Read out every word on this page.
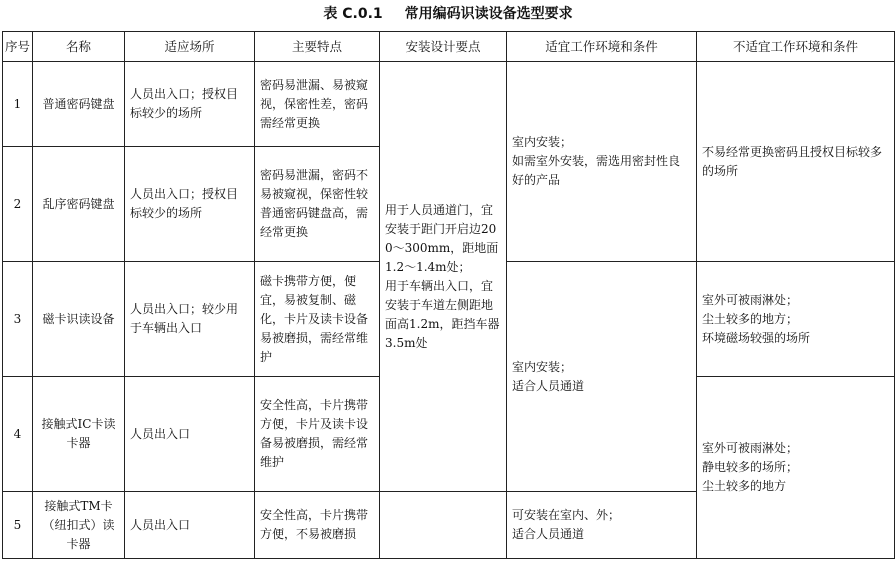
表 C.0.1 常用编码识读设备选型要求
序号	名称	适应场所	主要特点	安装设计要点	适宜工作环境和条件	不适宜工作环境和条件
1	普通密码键盘	人员出入口；授权目标较少的场所	密码易泄漏、易被窥视，保密性差，密码需经常更换	用于人员通道门，宜安装于距门开启边200～300mm，距地面1.2～1.4m处；
用于车辆出入口，宜安装于车道左侧距地面高1.2m，距挡车器3.5m处	室内安装；
如需室外安装，需选用密封性良好的产品	不易经常更换密码且授权目标较多的场所

2	乱序密码键盘	人员出入口；授权目标较少的场所	密码易泄漏，密码不易被窥视，保密性较普通密码键盘高，需经常更换			
3	磁卡识读设备	人员出入口；较少用于车辆出入口	磁卡携带方便，便宜，易被复制、磁化，卡片及读卡设备易被磨损，需经常维护		室内安装；
适合人员通道	室外可被雨淋处；
尘土较多的地方；
环境磁场较强的场所

4	接触式IC卡读卡器	人员出入口	安全性高，卡片携带方便，卡片及读卡设备易被磨损，需经常维护			室外可被雨淋处；
静电较多的场所；
尘土较多的地方

5	接触式TM卡（纽扣式）读卡器	人员出入口	安全性高，卡片携带方便，不易被磨损		可安装在室内、外；
适合人员通道	
